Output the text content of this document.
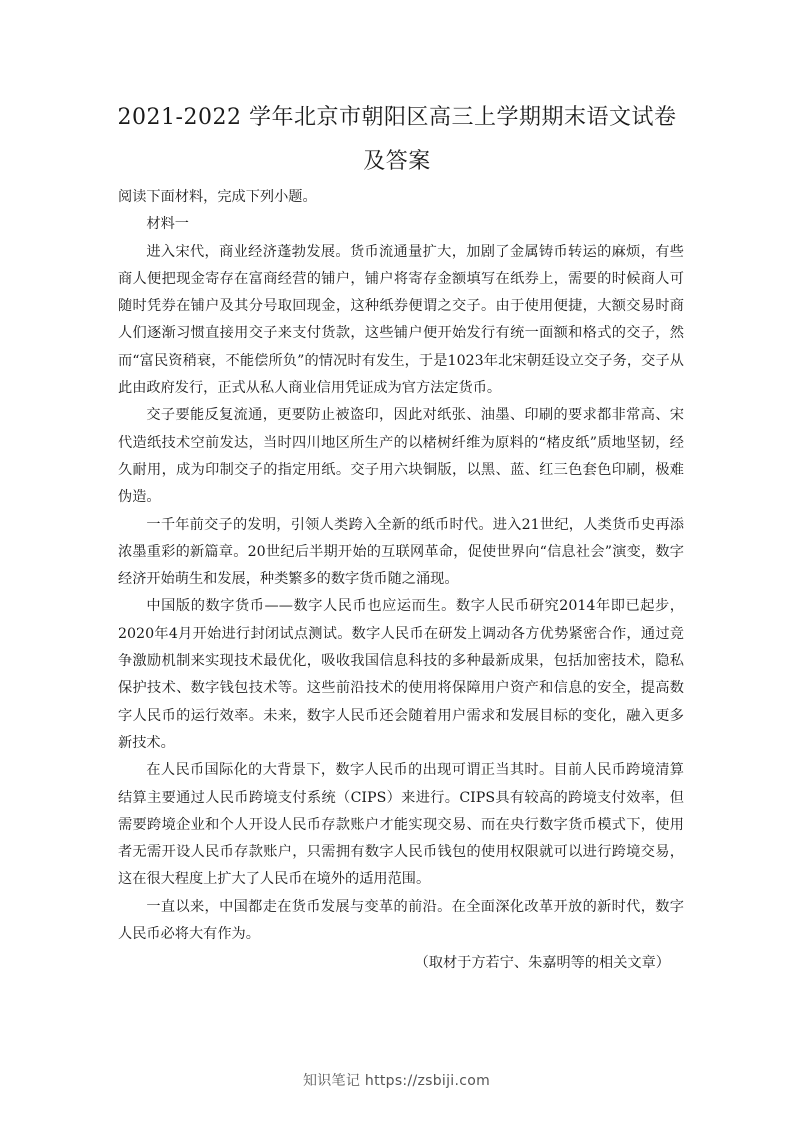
2021-2022 学年北京市朝阳区高三上学期期末语文试卷及答案

阅读下面材料，完成下列小题。

材料一

进入宋代，商业经济蓬勃发展。货币流通量扩大，加剧了金属铸币转运的麻烦，有些商人便把现金寄存在富商经营的铺户，铺户将寄存金额填写在纸券上，需要的时候商人可随时凭券在铺户及其分号取回现金，这种纸券便谓之交子。由于使用便捷，大额交易时商人们逐渐习惯直接用交子来支付货款，这些铺户便开始发行有统一面额和格式的交子，然而“富民资稍衰，不能偿所负”的情况时有发生，于是1023年北宋朝廷设立交子务，交子从此由政府发行，正式从私人商业信用凭证成为官方法定货币。

交子要能反复流通，更要防止被盗印，因此对纸张、油墨、印刷的要求都非常高、宋代造纸技术空前发达，当时四川地区所生产的以楮树纤维为原料的“楮皮纸”质地坚韧，经久耐用，成为印制交子的指定用纸。交子用六块铜版，以黑、蓝、红三色套色印刷，极难伪造。

一千年前交子的发明，引领人类跨入全新的纸币时代。进入21世纪，人类货币史再添浓墨重彩的新篇章。20世纪后半期开始的互联网革命，促使世界向“信息社会”演变，数字经济开始萌生和发展，种类繁多的数字货币随之涌现。

中国版的数字货币——数字人民币也应运而生。数字人民币研究2014年即已起步，2020年4月开始进行封闭试点测试。数字人民币在研发上调动各方优势紧密合作，通过竞争激励机制来实现技术最优化，吸收我国信息科技的多种最新成果，包括加密技术，隐私保护技术、数字钱包技术等。这些前沿技术的使用将保障用户资产和信息的安全，提高数字人民币的运行效率。未来，数字人民币还会随着用户需求和发展目标的变化，融入更多新技术。

在人民币国际化的大背景下，数字人民币的出现可谓正当其时。目前人民币跨境清算结算主要通过人民币跨境支付系统（CIPS）来进行。CIPS具有较高的跨境支付效率，但需要跨境企业和个人开设人民币存款账户才能实现交易、而在央行数字货币模式下，使用者无需开设人民币存款账户，只需拥有数字人民币钱包的使用权限就可以进行跨境交易，这在很大程度上扩大了人民币在境外的适用范围。

一直以来，中国都走在货币发展与变革的前沿。在全面深化改革开放的新时代，数字人民币必将大有作为。

（取材于方若宁、朱嘉明等的相关文章）

知识笔记 https://zsbiji.com
